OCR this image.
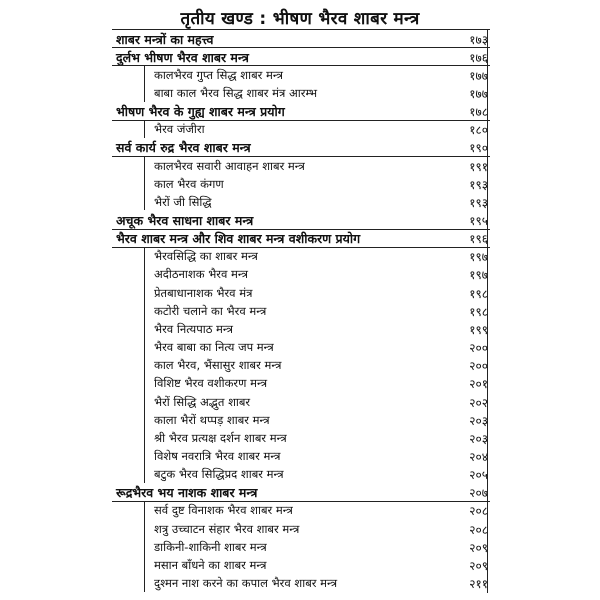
तृतीय खण्ड : भीषण भैरव शाबर मन्त्र
शाबर मन्त्रों का महत्त्व	१७३
दुर्लभ भीषण भैरव शाबर मन्त्र	१७६
कालभैरव गुप्त सिद्ध शाबर मन्त्र	१७७
बाबा काल भैरव सिद्ध शाबर मंत्र आरम्भ	१७७
भीषण भैरव के गुह्य शाबर मन्त्र प्रयोग	१७८
भैरव जंजीरा	१८०
सर्व कार्य रुद्र भैरव शाबर मन्त्र	१९०
कालभैरव सवारी आवाहन शाबर मन्त्र	१९१
काल भैरव कंगण	१९३
भैरों जी सिद्धि	१९३
अचूक भैरव साधना शाबर मन्त्र	१९५
भैरव शाबर मन्त्र और शिव शाबर मन्त्र वशीकरण प्रयोग	१९६
भैरवसिद्धि का शाबर मन्त्र	१९७
अदीठनाशक भैरव मन्त्र	१९७
प्रेतबाधानाशक भैरव मंत्र	१९८
कटोरी चलाने का भैरव मन्त्र	१९८
भैरव नित्यपाठ मन्त्र	१९९
भैरव बाबा का नित्य जप मन्त्र	२००
काल भैरव, भैंसासुर शाबर मन्त्र	२००
विशिष्ट भैरव वशीकरण मन्त्र	२०१
भैरों सिद्धि अद्भुत शाबर	२०२
काला भैरों थप्पड़ शाबर मन्त्र	२०३
श्री भैरव प्रत्यक्ष दर्शन शाबर मन्त्र	२०३
विशेष नवरात्रि भैरव शाबर मन्त्र	२०४
बटुक भैरव सिद्धिप्रद शाबर मन्त्र	२०५
रूद्रभैरव भय नाशक शाबर मन्त्र	२०७
सर्व दुष्ट विनाशक भैरव शाबर मन्त्र	२०८
शत्रु उच्चाटन संहार भैरव शाबर मन्त्र	२०८
डाकिनी-शाकिनी शाबर मन्त्र	२०९
मसान बाँधने का शाबर मन्त्र	२०९
दुश्मन नाश करने का कपाल भैरव शाबर मन्त्र	२११
